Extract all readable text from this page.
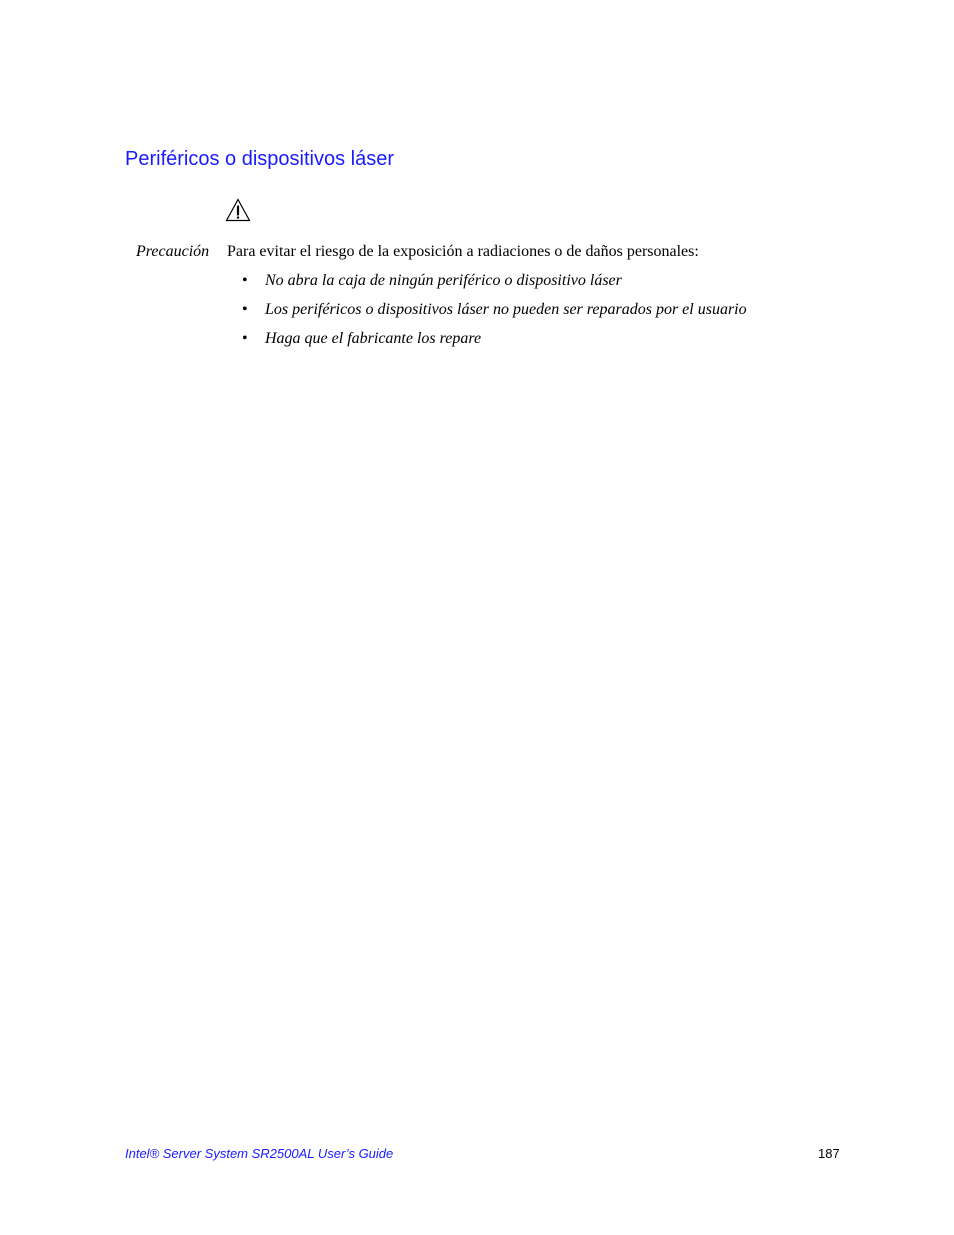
Periféricos o dispositivos láser
Precaución Para evitar el riesgo de la exposición a radiaciones o de daños personales:
• No abra la caja de ningún periférico o dispositivo láser
• Los periféricos o dispositivos láser no pueden ser reparados por el usuario
• Haga que el fabricante los repare
Intel® Server System SR2500AL User’s Guide	187
